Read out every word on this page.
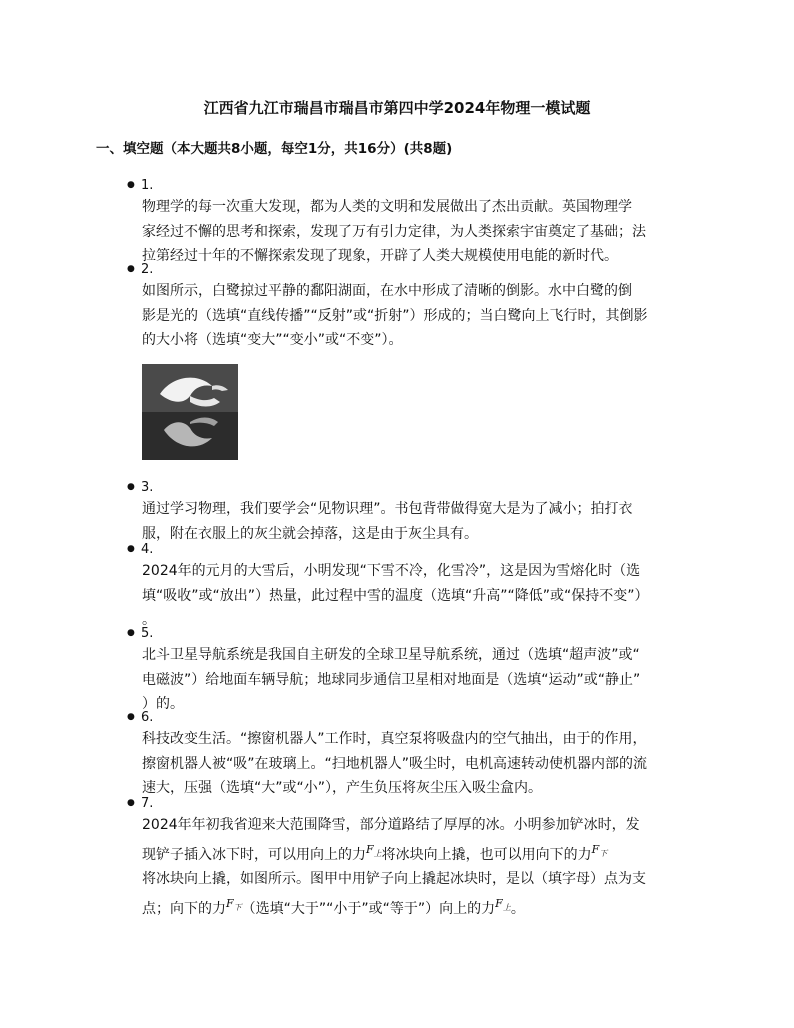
江西省九江市瑞昌市瑞昌市第四中学2024年物理一模试题
一、填空题（本大题共8小题，每空1分，共16分）(共8题)
● 1.
物理学的每一次重大发现，都为人类的文明和发展做出了杰出贡献。英国物理学
家经过不懈的思考和探索，发现了万有引力定律，为人类探索宇宙奠定了基础；法
拉第经过十年的不懈探索发现了现象，开辟了人类大规模使用电能的新时代。
● 2.
如图所示，白鹭掠过平静的鄱阳湖面，在水中形成了清晰的倒影。水中白鹭的倒
影是光的（选填“直线传播”“反射”或“折射”）形成的；当白鹭向上飞行时，其倒影
的大小将（选填“变大”“变小”或“不变”）。
● 3.
通过学习物理，我们要学会“见物识理”。书包背带做得宽大是为了减小；拍打衣
服，附在衣服上的灰尘就会掉落，这是由于灰尘具有。
● 4.
2024年的元月的大雪后，小明发现“下雪不冷，化雪冷”，这是因为雪熔化时（选
填“吸收”或“放出”）热量，此过程中雪的温度（选填“升高”“降低”或“保持不变”）
。
● 5.
北斗卫星导航系统是我国自主研发的全球卫星导航系统，通过（选填“超声波”或“
电磁波”）给地面车辆导航；地球同步通信卫星相对地面是（选填“运动”或“静止”
）的。
● 6.
科技改变生活。“擦窗机器人”工作时，真空泵将吸盘内的空气抽出，由于的作用，
擦窗机器人被“吸”在玻璃上。“扫地机器人”吸尘时，电机高速转动使机器内部的流
速大，压强（选填“大”或“小”），产生负压将灰尘压入吸尘盒内。
● 7.
2024年年初我省迎来大范围降雪，部分道路结了厚厚的冰。小明参加铲冰时，发
现铲子插入冰下时，可以用向上的力$^{F_上}$将冰块向上撬，也可以用向下的力$^{F_下}$
将冰块向上撬，如图所示。图甲中用铲子向上撬起冰块时，是以（填字母）点为支
点；向下的力$^{F_下}$（选填“大于”“小于”或“等于”）向上的力$^{F_上}$。
